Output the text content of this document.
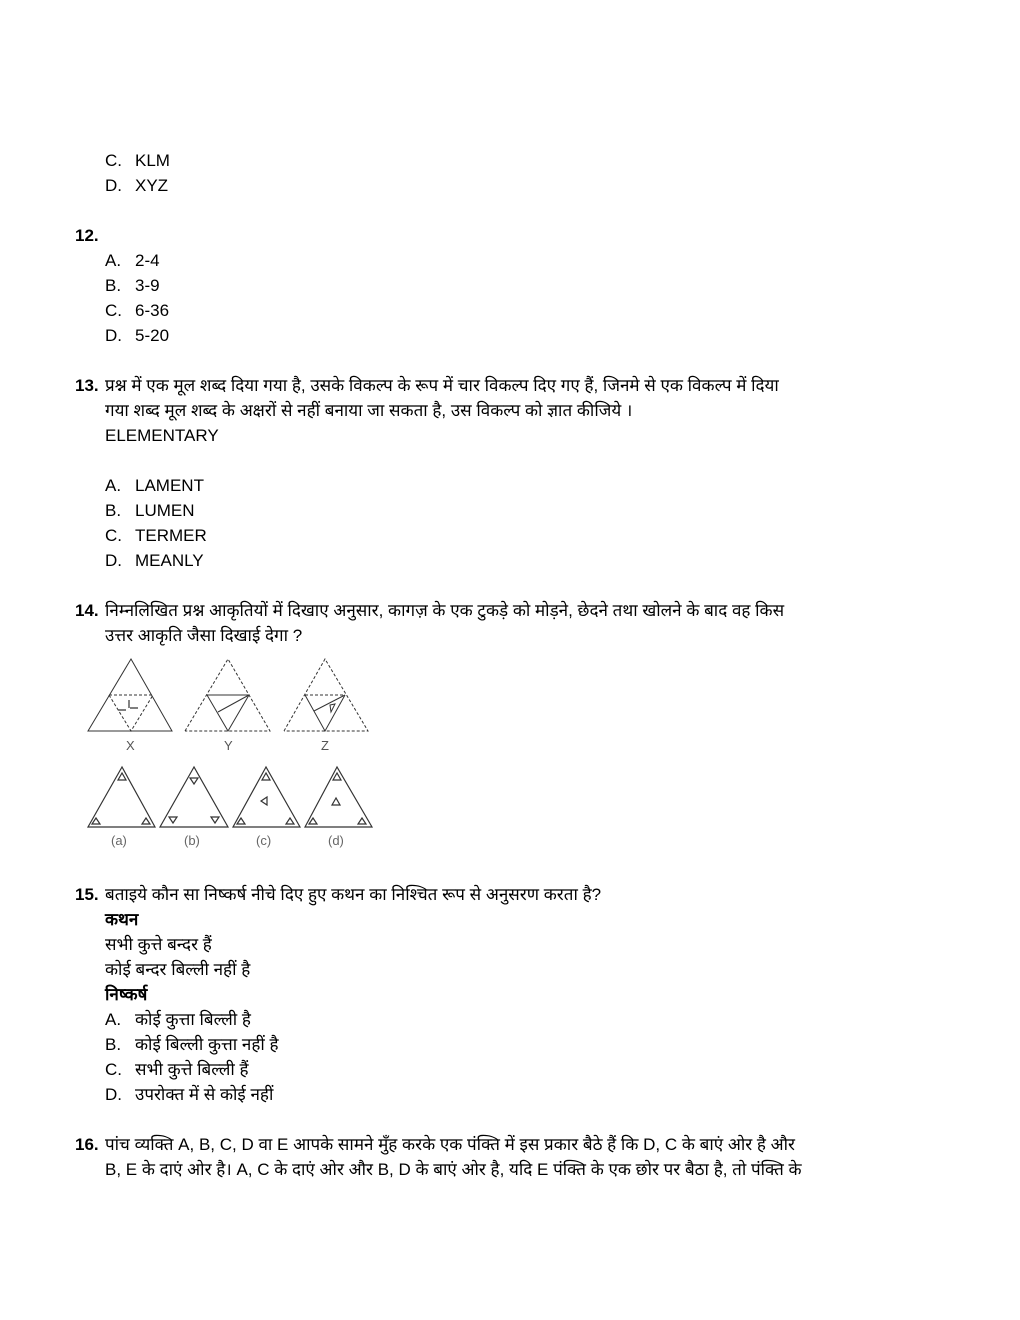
C. KLM
D. XYZ
12.
A. 2-4
B. 3-9
C. 6-36
D. 5-20
13. प्रश्न में एक मूल शब्द दिया गया है, उसके विकल्प के रूप में चार विकल्प दिए गए हैं, जिनमे से एक विकल्प में दिया
गया शब्द मूल शब्द के अक्षरों से नहीं बनाया जा सकता है, उस विकल्प को ज्ञात कीजिये ।
ELEMENTARY
A. LAMENT
B. LUMEN
C. TERMER
D. MEANLY
14. निम्नलिखित प्रश्न आकृतियों में दिखाए अनुसार, कागज़ के एक टुकड़े को मोड़ने, छेदने तथा खोलने के बाद वह किस
उत्तर आकृति जैसा दिखाई देगा ?
X	Y	Z
(a)	(b)	(c)	(d)
15. बताइये कौन सा निष्कर्ष नीचे दिए हुए कथन का निश्चित रूप से अनुसरण करता है?
कथन
सभी कुत्ते बन्दर हैं
कोई बन्दर बिल्ली नहीं है
निष्कर्ष
A. कोई कुत्ता बिल्ली है
B. कोई बिल्ली कुत्ता नहीं है
C. सभी कुत्ते बिल्ली हैं
D. उपरोक्त में से कोई नहीं
16. पांच व्यक्ति A, B, C, D वा E आपके सामने मुँह करके एक पंक्ति में इस प्रकार बैठे हैं कि D, C के बाएं ओर है और
B, E के दाएं ओर है। A, C के दाएं ओर और B, D के बाएं ओर है, यदि E पंक्ति के एक छोर पर बैठा है, तो पंक्ति के
